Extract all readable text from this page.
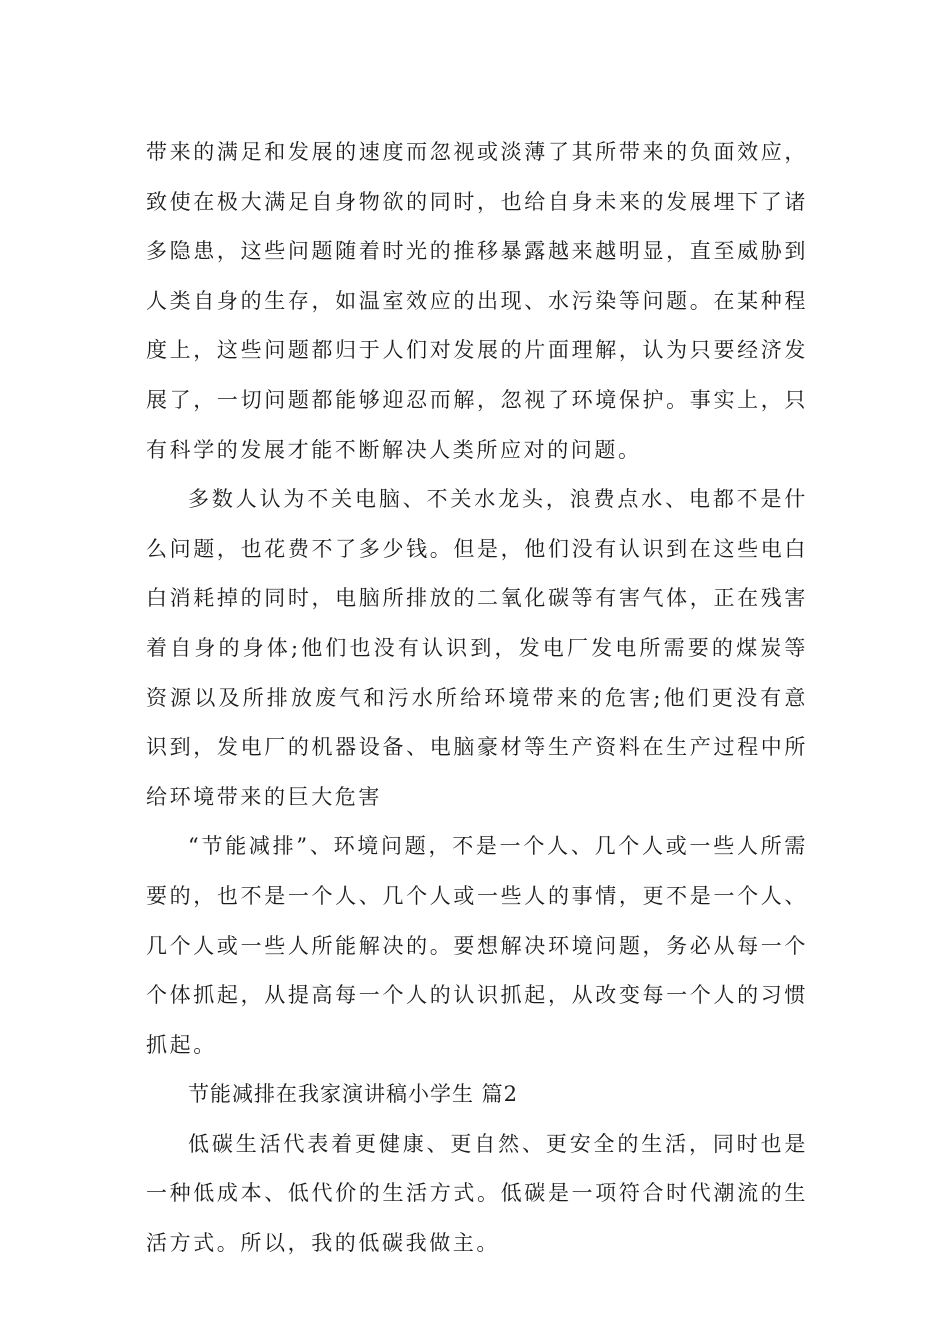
带来的满足和发展的速度而忽视或淡薄了其所带来的负面效应，致使在极大满足自身物欲的同时，也给自身未来的发展埋下了诸多隐患，这些问题随着时光的推移暴露越来越明显，直至威胁到人类自身的生存，如温室效应的出现、水污染等问题。在某种程度上，这些问题都归于人们对发展的片面理解，认为只要经济发展了，一切问题都能够迎忍而解，忽视了环境保护。事实上，只有科学的发展才能不断解决人类所应对的问题。

多数人认为不关电脑、不关水龙头，浪费点水、电都不是什么问题，也花费不了多少钱。但是，他们没有认识到在这些电白白消耗掉的同时，电脑所排放的二氧化碳等有害气体，正在残害着自身的身体;他们也没有认识到，发电厂发电所需要的煤炭等资源以及所排放废气和污水所给环境带来的危害;他们更没有意识到，发电厂的机器设备、电脑豪材等生产资料在生产过程中所给环境带来的巨大危害

“节能减排”、环境问题，不是一个人、几个人或一些人所需要的，也不是一个人、几个人或一些人的事情，更不是一个人、几个人或一些人所能解决的。要想解决环境问题，务必从每一个个体抓起，从提高每一个人的认识抓起，从改变每一个人的习惯抓起。

节能减排在我家演讲稿小学生 篇2

低碳生活代表着更健康、更自然、更安全的生活，同时也是一种低成本、低代价的生活方式。低碳是一项符合时代潮流的生活方式。所以，我的低碳我做主。
